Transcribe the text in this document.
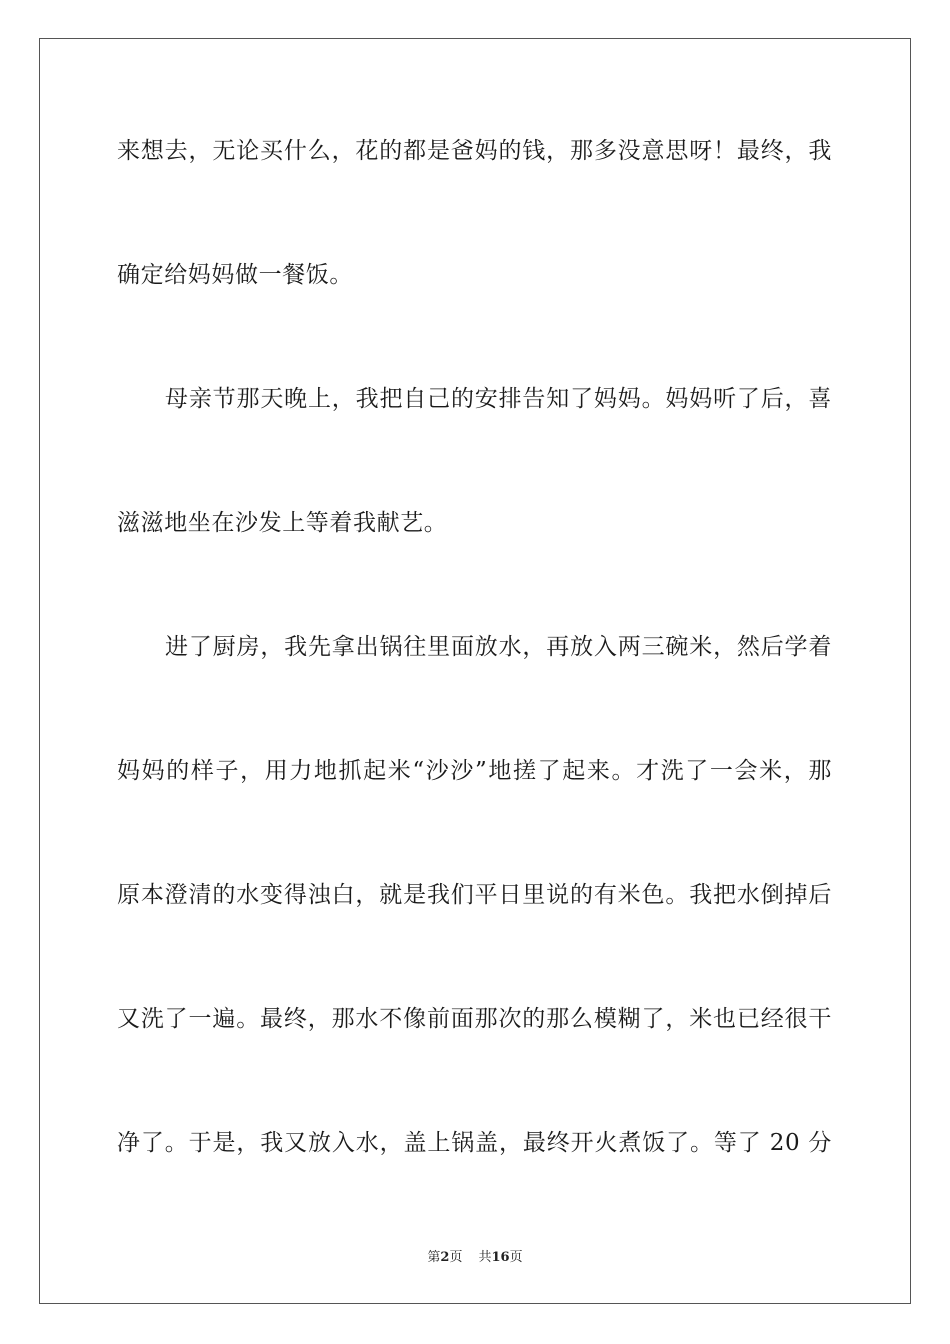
来想去，无论买什么，花的都是爸妈的钱，那多没意思呀！最终，我
确定给妈妈做一餐饭。
母亲节那天晚上，我把自己的安排告知了妈妈。妈妈听了后，喜
滋滋地坐在沙发上等着我献艺。
进了厨房，我先拿出锅往里面放水，再放入两三碗米，然后学着
妈妈的样子，用力地抓起米“沙沙”地搓了起来。才洗了一会米，那
原本澄清的水变得浊白，就是我们平日里说的有米色。我把水倒掉后
又洗了一遍。最终，那水不像前面那次的那么模糊了，米也已经很干
净了。于是，我又放入水，盖上锅盖，最终开火煮饭了。等了 20 分
第2页 共16页
